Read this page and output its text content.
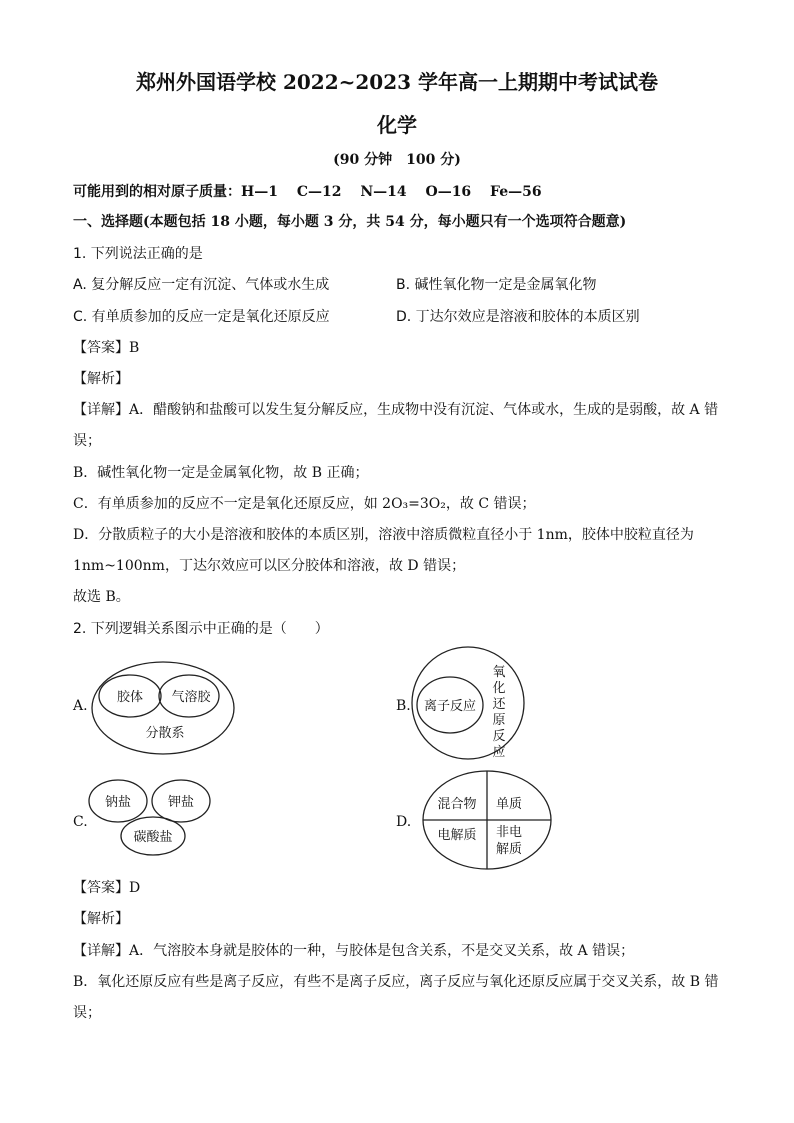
郑州外国语学校 2022~2023 学年高一上期期中考试试卷
化学
(90 分钟　100 分)
可能用到的相对原子质量：H—1　 C—12　 N—14　 O—16　 Fe—56
一、选择题(本题包括 18 小题，每小题 3 分，共 54 分，每小题只有一个选项符合题意)
1. 下列说法正确的是
A. 复分解反应一定有沉淀、气体或水生成	B. 碱性氧化物一定是金属氧化物
C. 有单质参加的反应一定是氧化还原反应	D. 丁达尔效应是溶液和胶体的本质区别
【答案】B
【解析】
【详解】A．醋酸钠和盐酸可以发生复分解反应，生成物中没有沉淀、气体或水，生成的是弱酸，故 A 错
误；
B．碱性氧化物一定是金属氧化物，故 B 正确；
C．有单质参加的反应不一定是氧化还原反应，如 2O₃=3O₂，故 C 错误；
D．分散质粒子的大小是溶液和胶体的本质区别，溶液中溶质微粒直径小于 1nm，胶体中胶粒直径为
1nm~100nm，丁达尔效应可以区分胶体和溶液，故 D 错误；
故选 B。
2. 下列逻辑关系图示中正确的是（　　）
A.
胶体 气溶胶
分散系
B. 离子反应
氧
化
还
原
反
应
C.
钠盐	钾盐
碳酸盐
D.
混合物 单质
电解质 非电
解质
【答案】D
【解析】
【详解】A．气溶胶本身就是胶体的一种，与胶体是包含关系，不是交叉关系，故 A 错误；
B．氧化还原反应有些是离子反应，有些不是离子反应，离子反应与氧化还原反应属于交叉关系，故 B 错
误；
